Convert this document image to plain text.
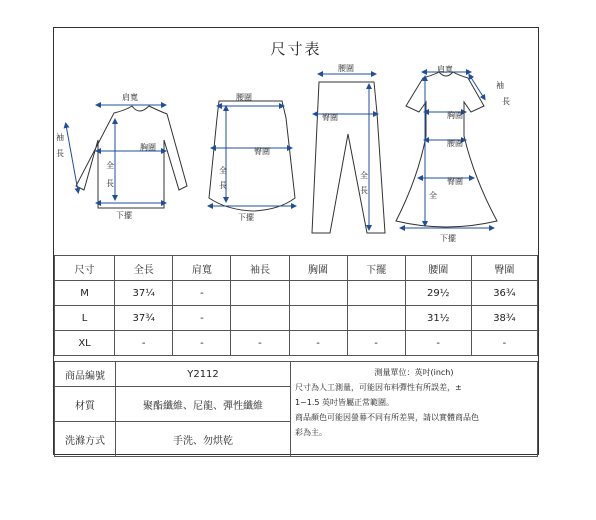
尺寸表
肩寬
袖
長
胸圍
全
長
下擺
腰圍
臀圍
全
長
下擺
腰圍
臀圍
全
長
肩寬
袖
長
胸圍
腰圍
臀圍
全
下擺
尺寸	全長	肩寬	袖長	胸圍	下擺	腰圍	臀圍
M	37¼	-				29½	36¾
L	37¾	-				31½	38¾
XL	-	-	-	-	-	-	-
商品編號	Y2112	測量單位：英吋(inch)
尺寸為人工測量，可能因布料彈性有所誤差，±
1~1.5 英吋皆屬正常範圍。
商品顏色可能因螢幕不同有所差異，請以實體商品色
彩為主。
材質	聚酯纖維、尼龍、彈性纖維	
洗滌方式	手洗、勿烘乾	
